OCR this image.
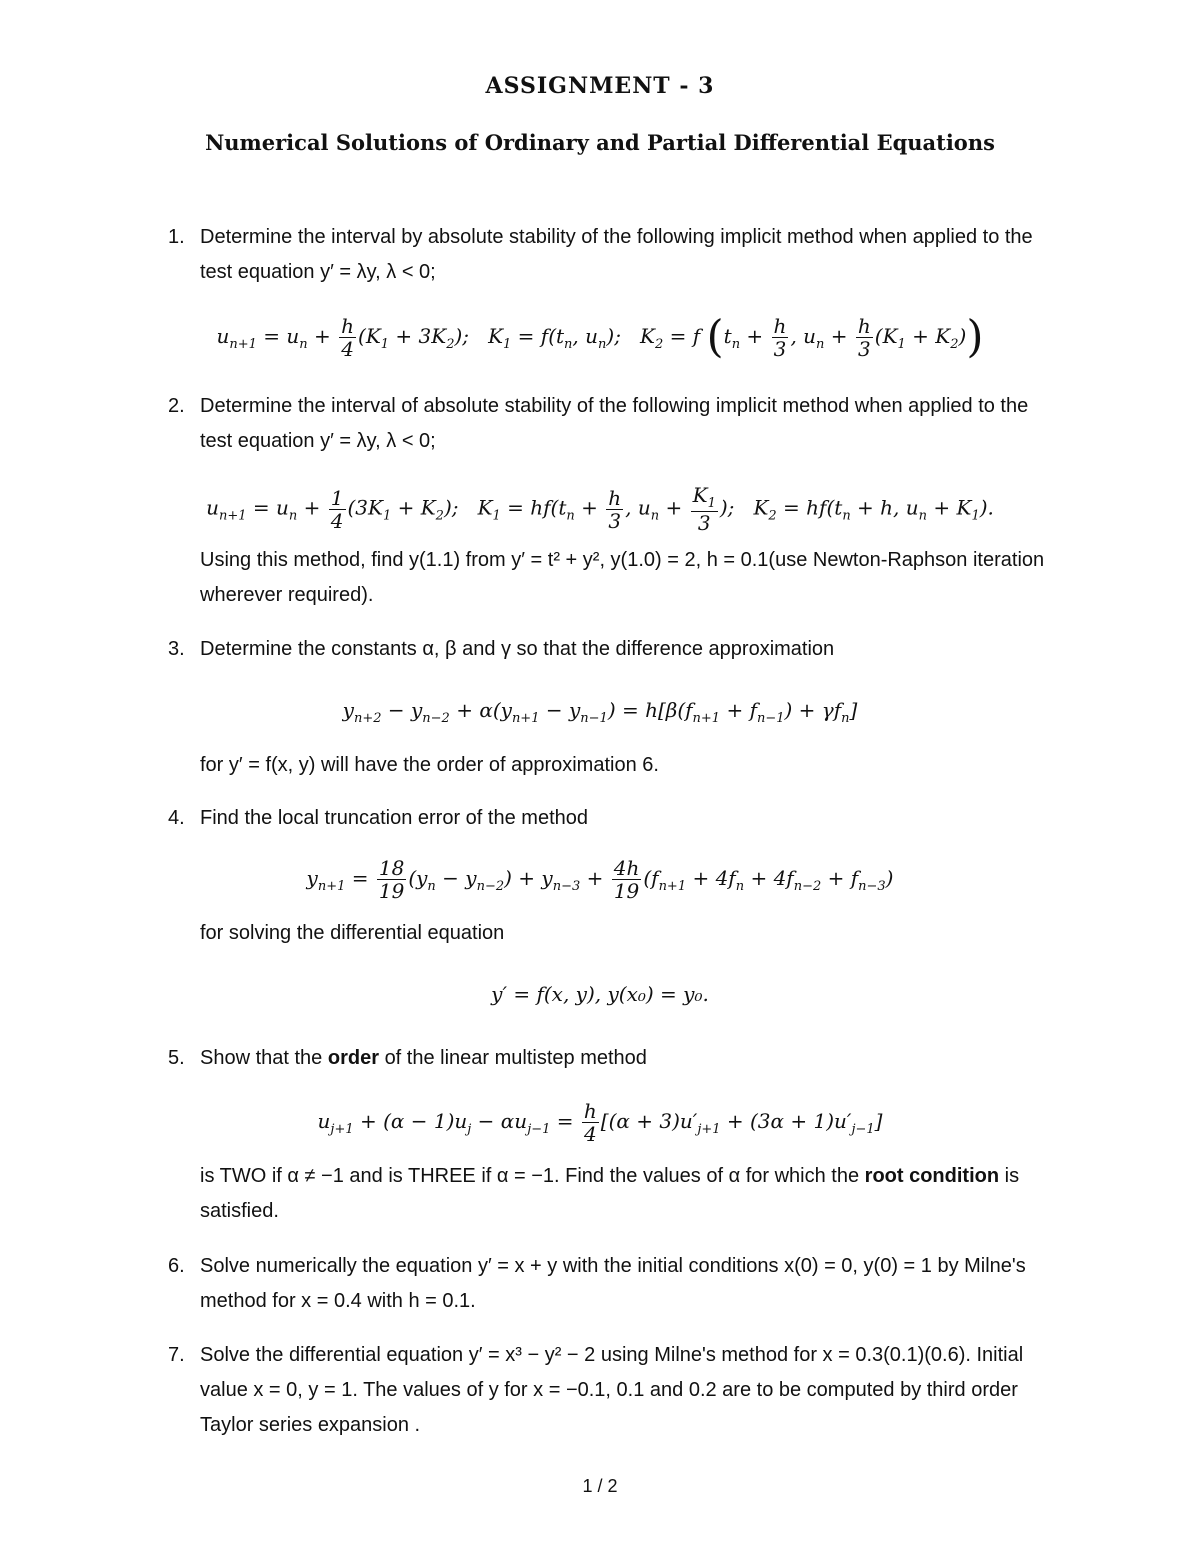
ASSIGNMENT - 3
Numerical Solutions of Ordinary and Partial Differential Equations
1. Determine the interval by absolute stability of the following implicit method when applied to the test equation y′ = λy, λ < 0;
$u_{n+1} = u_n + \frac{h}{4} (K_1 + 3K_2)$;   $K_1 = f(t_n$, $u_n$);   $K_2 = f$ ($t_n + \frac{h}{3}$ , $u_n + \frac{h}{3} (K_1 + K_2)$)
2. Determine the interval of absolute stability of the following implicit method when applied to the test equation y′ = λy, λ < 0;
$u_{n+1} = u_n + \frac{1}{4} (3K_1 + K_2)$;   $K_1 = hf(t_n + \frac{h}{3}$ , $u_n + \frac{K_1}{3}$ );   $K_2 = hf(t_n + h$, $u_n + K_1$).
Using this method, find y(1.1) from y′ = t² + y², y(1.0) = 2, h = 0.1(use Newton-Raphson iteration wherever required).
3. Determine the constants α, β and γ so that the difference approximation
$y_{n+2} - y_{n-2} + \alpha(y_{n+1} - y_{n-1}) = h[\beta(f_{n+1} + f_{n-1}) + \gamma f_n]$
for y′ = f(x, y) will have the order of approximation 6.
4. Find the local truncation error of the method
$y_{n+1} = \frac{18}{19} (y_n - y_{n-2}) + y_{n-3} + \frac{4h}{19} (f_{n+1} + 4f_n + 4f_{n-2} + f_{n-3})$
for solving the differential equation
y′ = f(x, y), y(x₀) = y₀.
5. Show that the order of the linear multistep method
$u_{j+1} + (\alpha - 1)u_j - \alpha u_{j-1} = \frac{h}{4} [(\alpha + 3)u'_{j+1} + (3\alpha + 1)u'_{j-1}]$
is TWO if α ≠ −1 and is THREE if α = −1. Find the values of α for which the root condition is satisfied.
6. Solve numerically the equation y′ = x + y with the initial conditions x(0) = 0, y(0) = 1 by Milne's method for x = 0.4 with h = 0.1.
7. Solve the differential equation y′ = x³ − y² − 2 using Milne's method for x = 0.3(0.1)(0.6). Initial value x = 0, y = 1. The values of y for x = −0.1, 0.1 and 0.2 are to be computed by third order Taylor series expansion .
1 / 2
